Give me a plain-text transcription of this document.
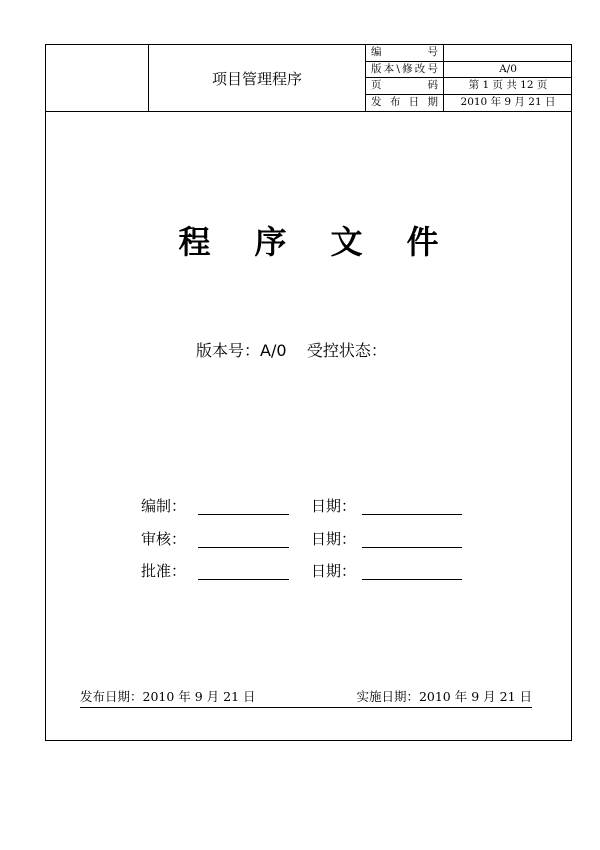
项目管理程序
编　　号
版本\修改号	A/0
页　　码	第 1 页 共 12 页
发布日期	2010 年 9 月 21 日
程序文件
版本号：A/0 受控状态：
编制：	日期：
审核：	日期：
批准：	日期：
发布日期：2010 年 9 月 21 日	实施日期：2010 年 9 月 21 日
